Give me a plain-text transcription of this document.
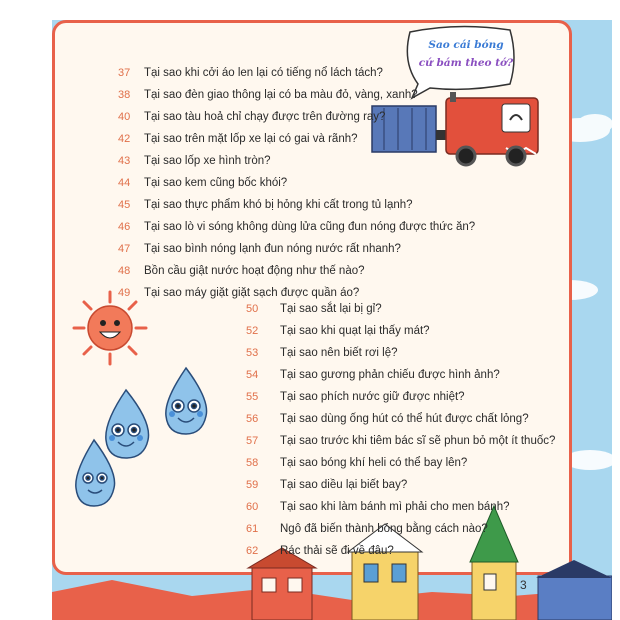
Sao cái bóng
cứ bám theo tớ?
37	Tại sao khi cởi áo len lại có tiếng nổ lách tách?
38	Tại sao đèn giao thông lại có ba màu đỏ, vàng, xanh?
40	Tại sao tàu hoả chỉ chạy được trên đường ray?
42	Tại sao trên mặt lốp xe lại có gai và rãnh?
43	Tại sao lốp xe hình tròn?
44	Tại sao kem cũng bốc khói?
45	Tại sao thực phẩm khó bị hỏng khi cất trong tủ lạnh?
46	Tại sao lò vi sóng không dùng lửa cũng đun nóng được thức ăn?
47	Tại sao bình nóng lạnh đun nóng nước rất nhanh?
48	Bồn cầu giật nước hoạt động như thế nào?
49	Tại sao máy giặt giặt sạch được quần áo?
50	Tại sao sắt lại bị gỉ?
52	Tại sao khi quạt lại thấy mát?
53	Tại sao nên biết rơi lệ?
54	Tại sao gương phản chiếu được hình ảnh?
55	Tại sao phích nước giữ được nhiệt?
56	Tại sao dùng ống hút có thể hút được chất lỏng?
57	Tại sao trước khi tiêm bác sĩ sẽ phun bỏ một ít thuốc?
58	Tại sao bóng khí heli có thể bay lên?
59	Tại sao diều lại biết bay?
60	Tại sao khi làm bánh mì phải cho men bánh?
61	Ngô đã biến thành bỏng bằng cách nào?
62	Rác thải sẽ đi về đâu?
3
